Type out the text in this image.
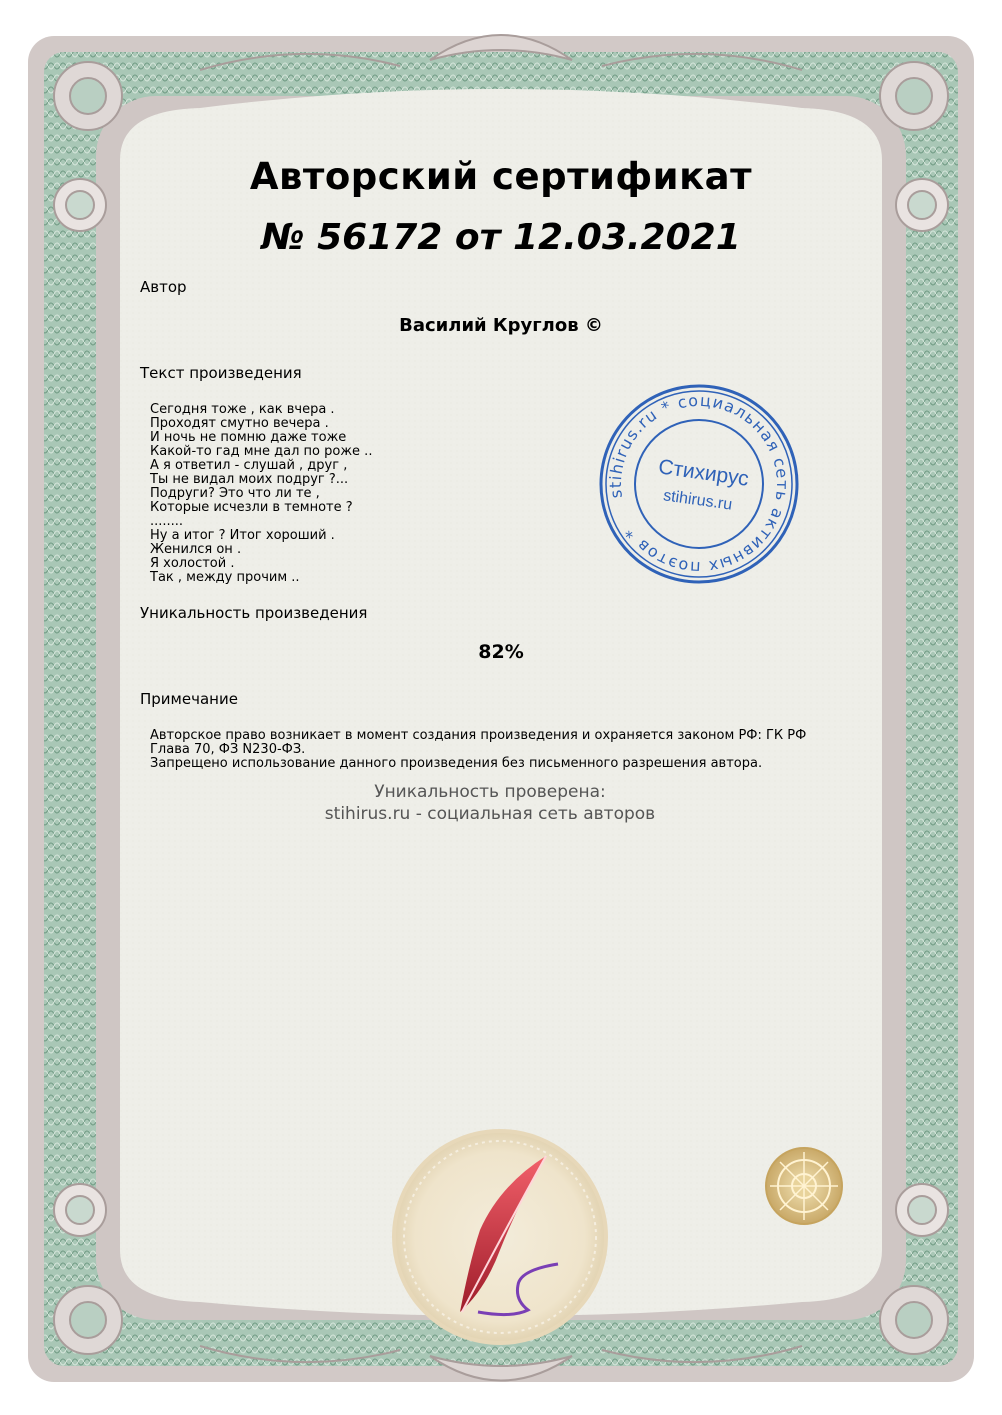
Авторский сертификат
№ 56172 от 12.03.2021
Автор
Василий Круглов ©
Текст произведения
Сегодня тоже , как вчера .
Проходят смутно вечера .
И ночь не помню даже тоже
Какой-то гад мне дал по роже ..
А я ответил - слушай , друг ,
Ты не видал моих подруг ?...
Подруги? Это что ли те ,
Которые исчезли в темноте ?
........
Ну а итог ? Итог хороший .
Женился он .
Я холостой .
Так , между прочим ..
stihirus.ru * социальная сеть активных поэтов *
Стихирус
stihirus.ru
Уникальность произведения
82%
Примечание
Авторское право возникает в момент создания произведения и охраняется законом РФ: ГК РФ Глава 70, ФЗ N230-ФЗ.
Запрещено использование данного произведения без письменного разрешения автора.
Уникальность проверена:
stihirus.ru - социальная сеть авторов
